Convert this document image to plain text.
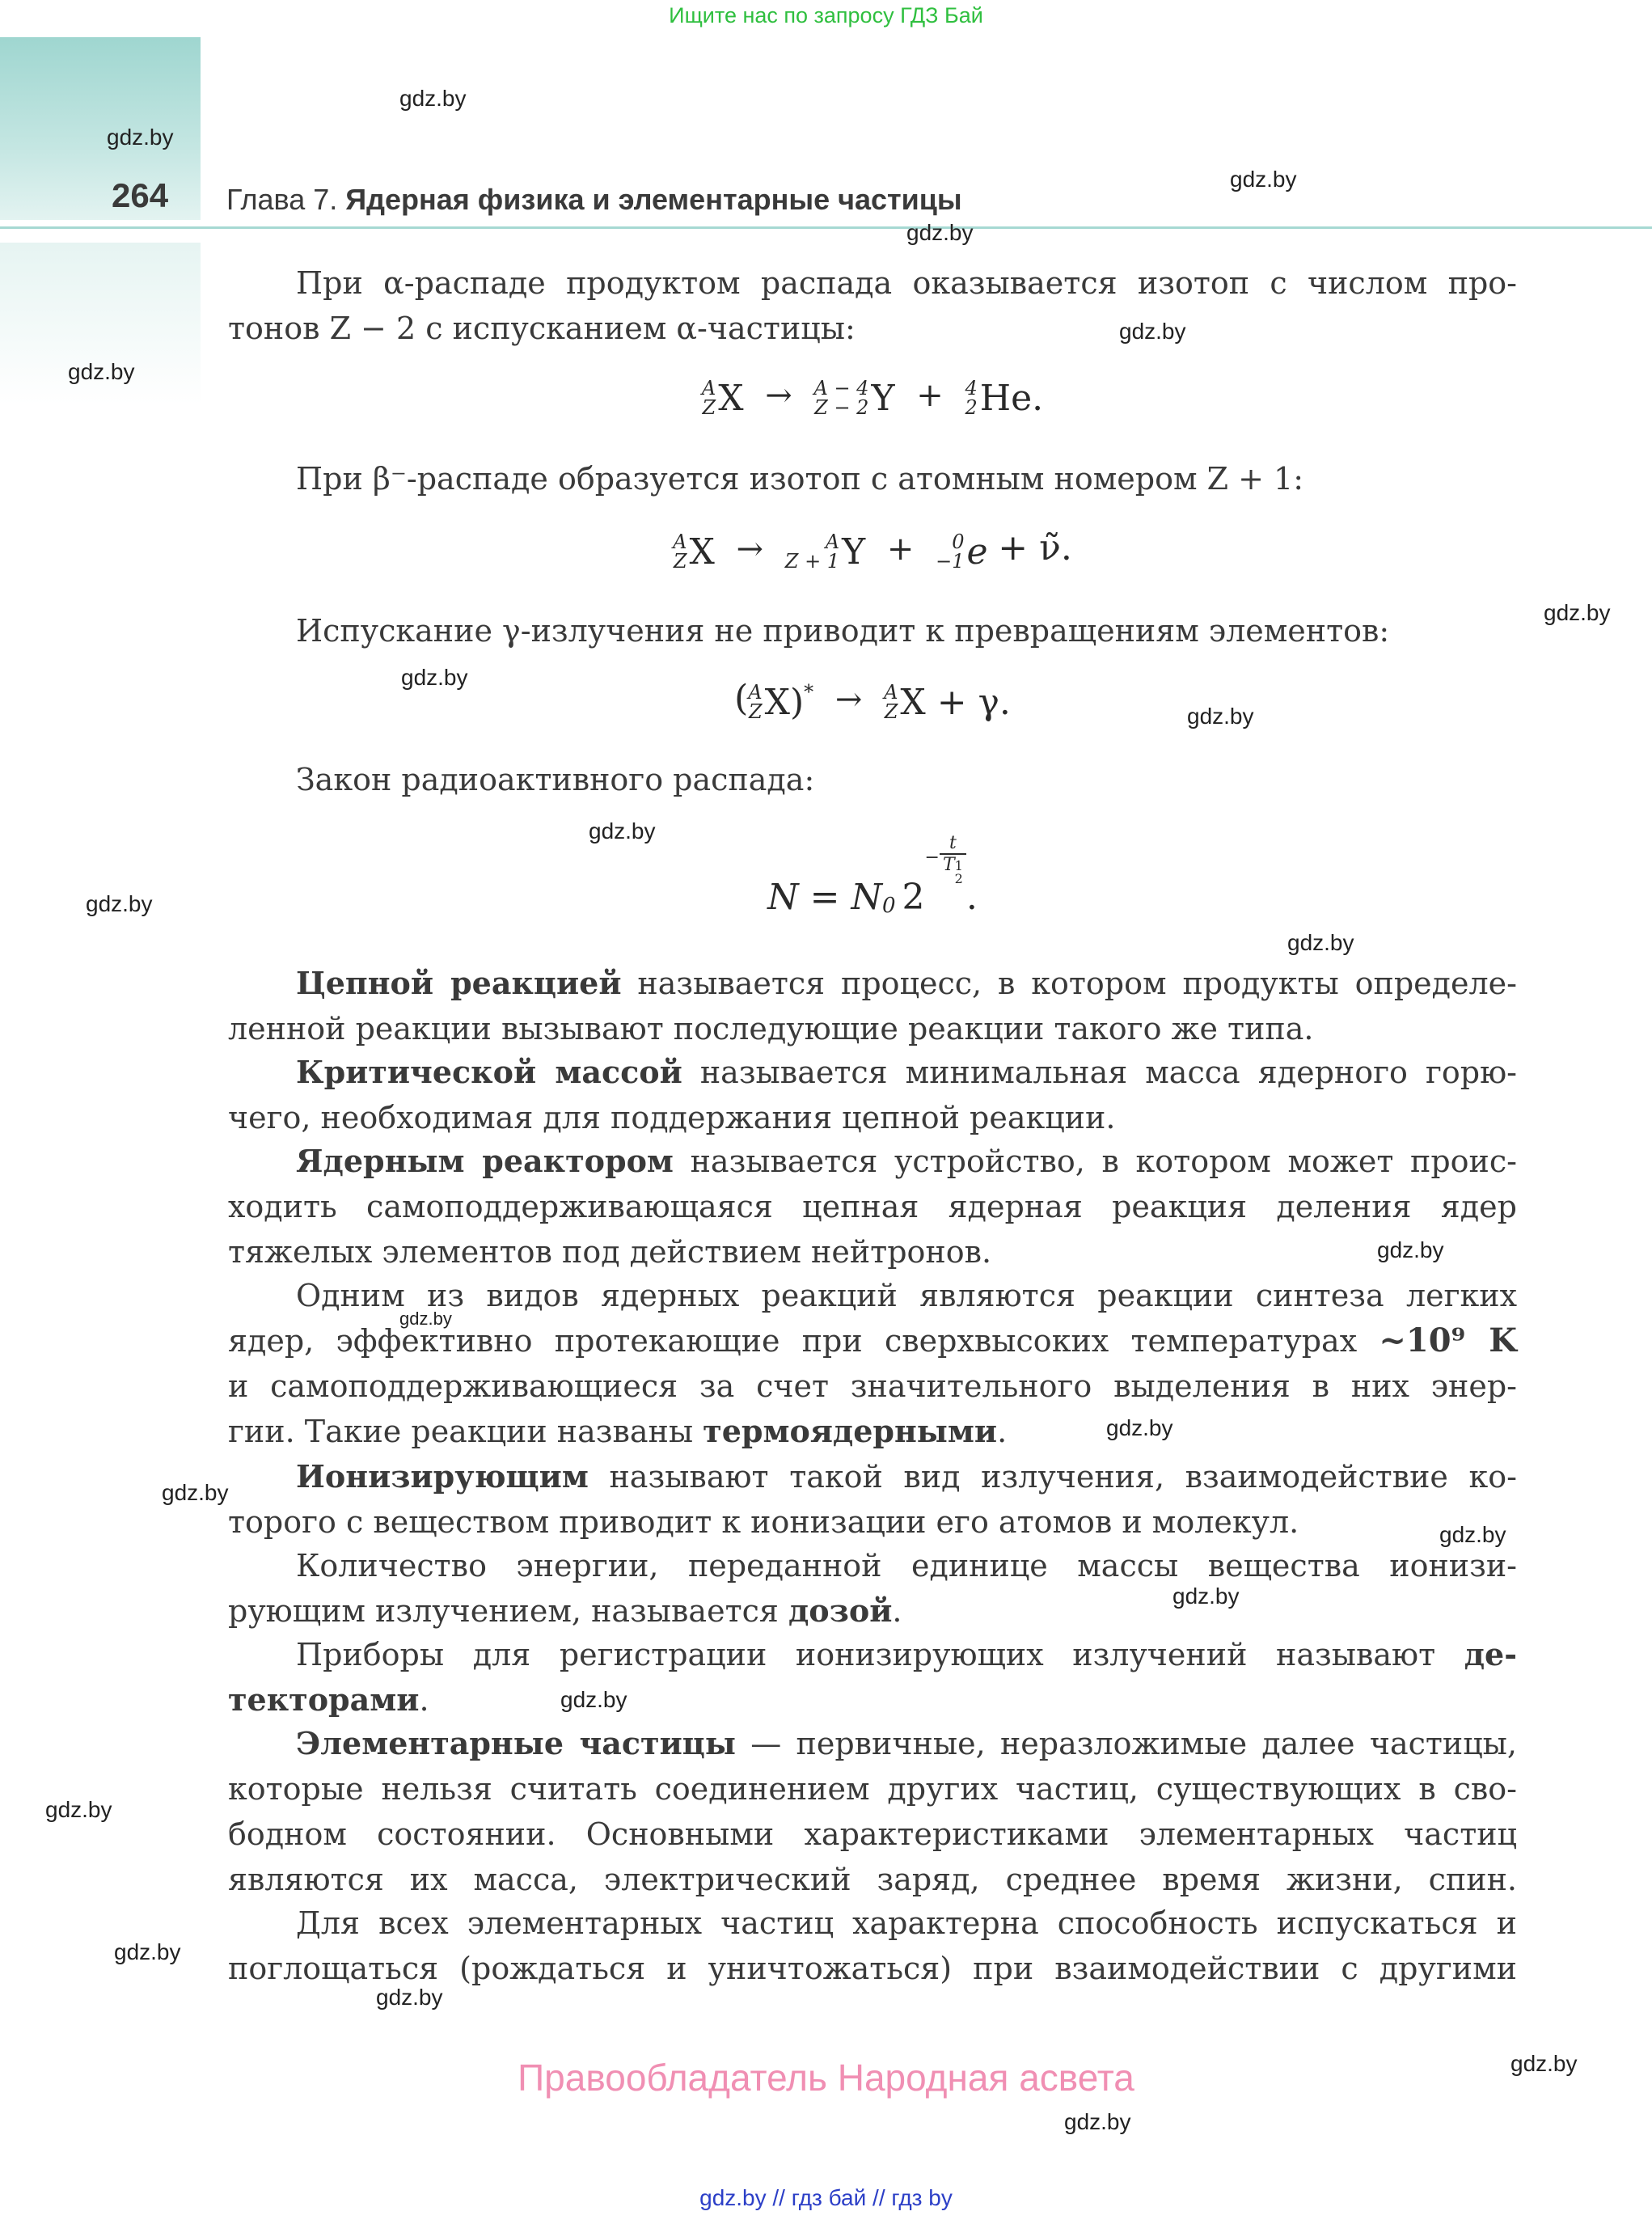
Ищите нас по запросу ГДЗ Бай
264 Глава 7. Ядерная физика и элементарные частицы
gdz.by
gdz.by
gdz.by
gdz.by
gdz.by
gdz.by
gdz.by
gdz.by
gdz.by
gdz.by
gdz.by
gdz.by
gdz.by
gdz.by
gdz.by
gdz.by
gdz.by
gdz.by
gdz.by
gdz.by
gdz.by
gdz.by
gdz.by
gdz.by
При α-распаде продуктом распада оказывается изотоп с числом про-
тонов Z − 2 с испусканием α-частицы:
A
Z X → A − 4
Z − 2 Y + 4
2 He.
При β⁻-распаде образуется изотоп с атомным номером Z + 1:
A
Z X →	A
Z + 1 Y +	0
−1 e + ν̃.
Испускание γ-излучения не приводит к превращениям элементов:
( A
Z X) * → A
Z X + γ.
Закон радиоактивного распада:
$N = N_0$ 2
− t
T 1
2
.
Цепной реакцией называется процесс, в котором продукты определе-
ленной реакции вызывают последующие реакции такого же типа.
Критической массой называется минимальная масса ядерного горю-
чего, необходимая для поддержания цепной реакции.
Ядерным реактором называется устройство, в котором может проис-
ходить самоподдерживающаяся цепная ядерная реакция деления ядер
тяжелых элементов под действием нейтронов.
Одним из видов ядерных реакций являются реакции синтеза легких
ядер, эффективно протекающие при сверхвысоких температурах ~10⁹ K
и самоподдерживающиеся за счет значительного выделения в них энер-
гии. Такие реакции названы термоядерными.
Ионизирующим называют такой вид излучения, взаимодействие ко-
торого с веществом приводит к ионизации его атомов и молекул.
Количество энергии, переданной единице массы вещества ионизи-
рующим излучением, называется дозой.
Приборы для регистрации ионизирующих излучений называют де-
текторами.
Элементарные частицы — первичные, неразложимые далее частицы,
которые нельзя считать соединением других частиц, существующих в сво-
бодном состоянии. Основными характеристиками элементарных частиц
являются их масса, электрический заряд, среднее время жизни, спин.
Для всех элементарных частиц характерна способность испускаться и
поглощаться (рождаться и уничтожаться) при взаимодействии с другими
Правообладатель Народная асвета
gdz.by // гдз бай // гдз by
